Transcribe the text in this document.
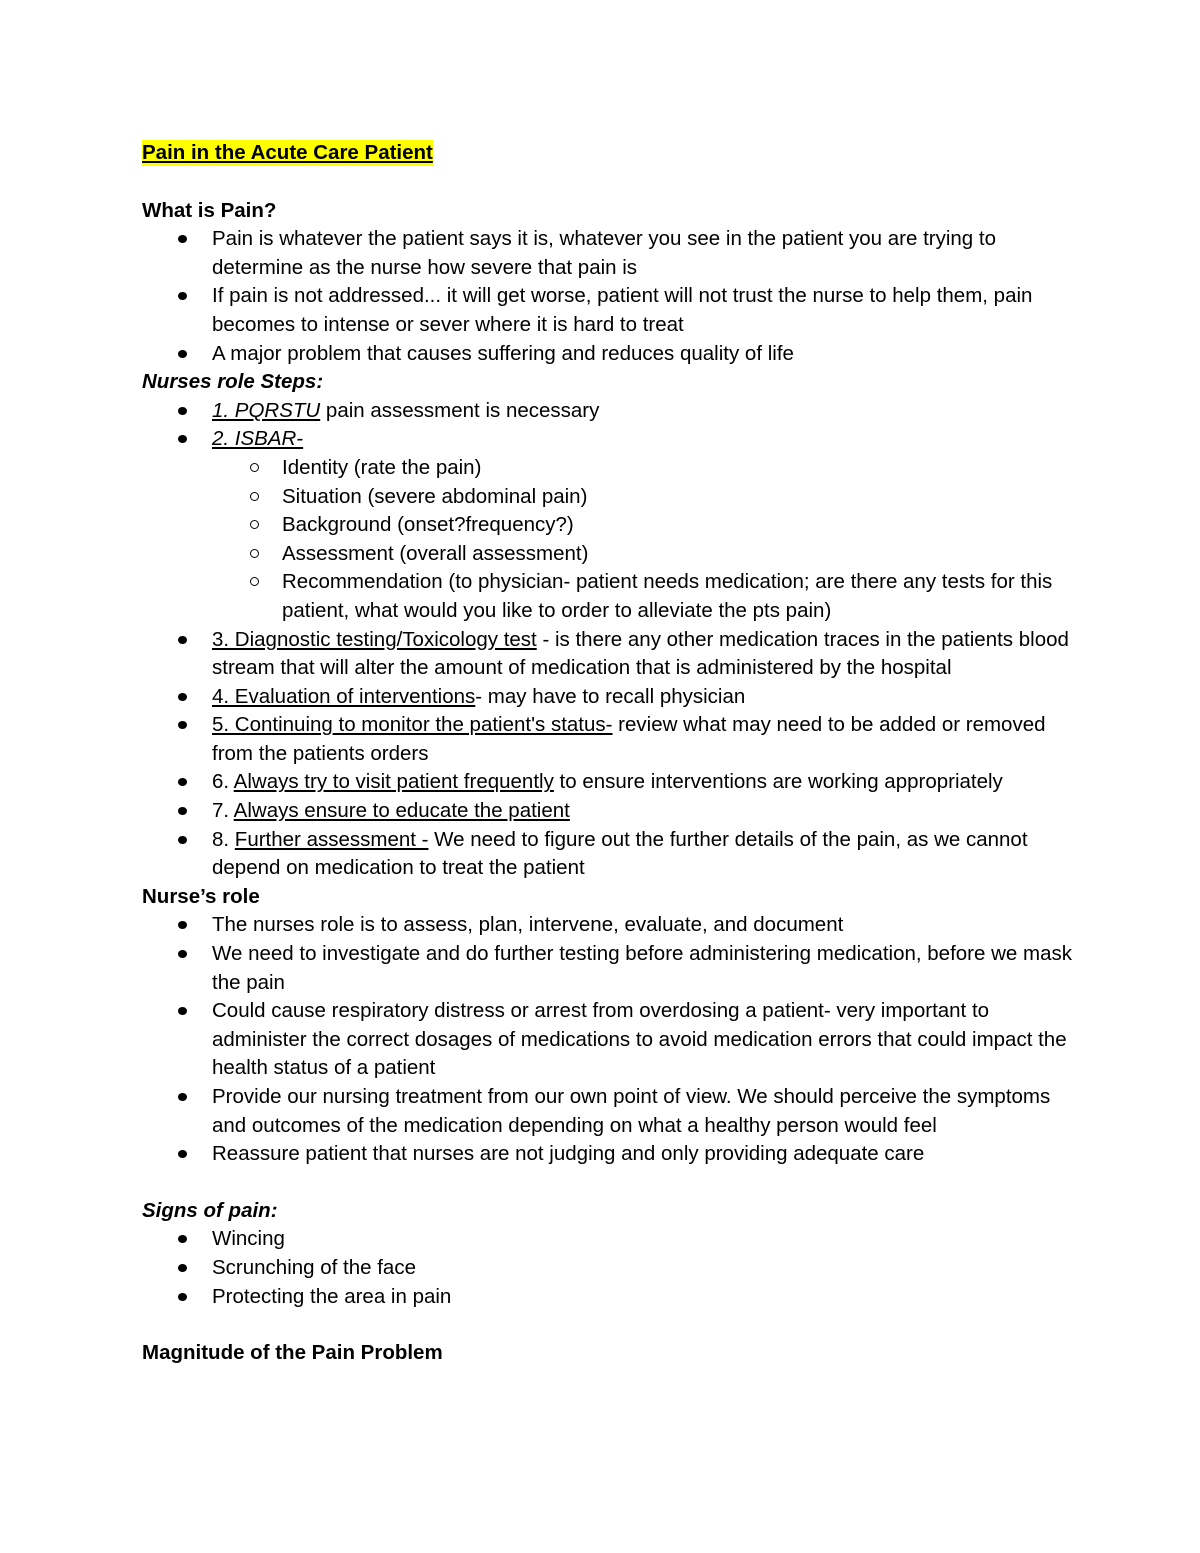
Pain in the Acute Care Patient
What is Pain?
Pain is whatever the patient says it is, whatever you see in the patient you are trying to determine as the nurse how severe that pain is
If pain is not addressed... it will get worse, patient will not trust the nurse to help them, pain becomes to intense or sever where it is hard to treat
A major problem that causes suffering and reduces quality of life
Nurses role Steps:
1. PQRSTU pain assessment is necessary
2. ISBAR-
Identity (rate the pain)
Situation (severe abdominal pain)
Background (onset?frequency?)
Assessment (overall assessment)
Recommendation (to physician- patient needs medication; are there any tests for this patient, what would you like to order to alleviate the pts pain)
3. Diagnostic testing/Toxicology test - is there any other medication traces in the patients blood stream that will alter the amount of medication that is administered by the hospital
4. Evaluation of interventions- may have to recall physician
5. Continuing to monitor the patient's status- review what may need to be added or removed from the patients orders
6. Always try to visit patient frequently to ensure interventions are working appropriately
7. Always ensure to educate the patient
8. Further assessment - We need to figure out the further details of the pain, as we cannot depend on medication to treat the patient
Nurse’s role
The nurses role is to assess, plan, intervene, evaluate, and document
We need to investigate and do further testing before administering medication, before we mask the pain
Could cause respiratory distress or arrest from overdosing a patient- very important to administer the correct dosages of medications to avoid medication errors that could impact the health status of a patient
Provide our nursing treatment from our own point of view. We should perceive the symptoms and outcomes of the medication depending on what a healthy person would feel
Reassure patient that nurses are not judging and only providing adequate care
Signs of pain:
Wincing
Scrunching of the face
Protecting the area in pain
Magnitude of the Pain Problem
